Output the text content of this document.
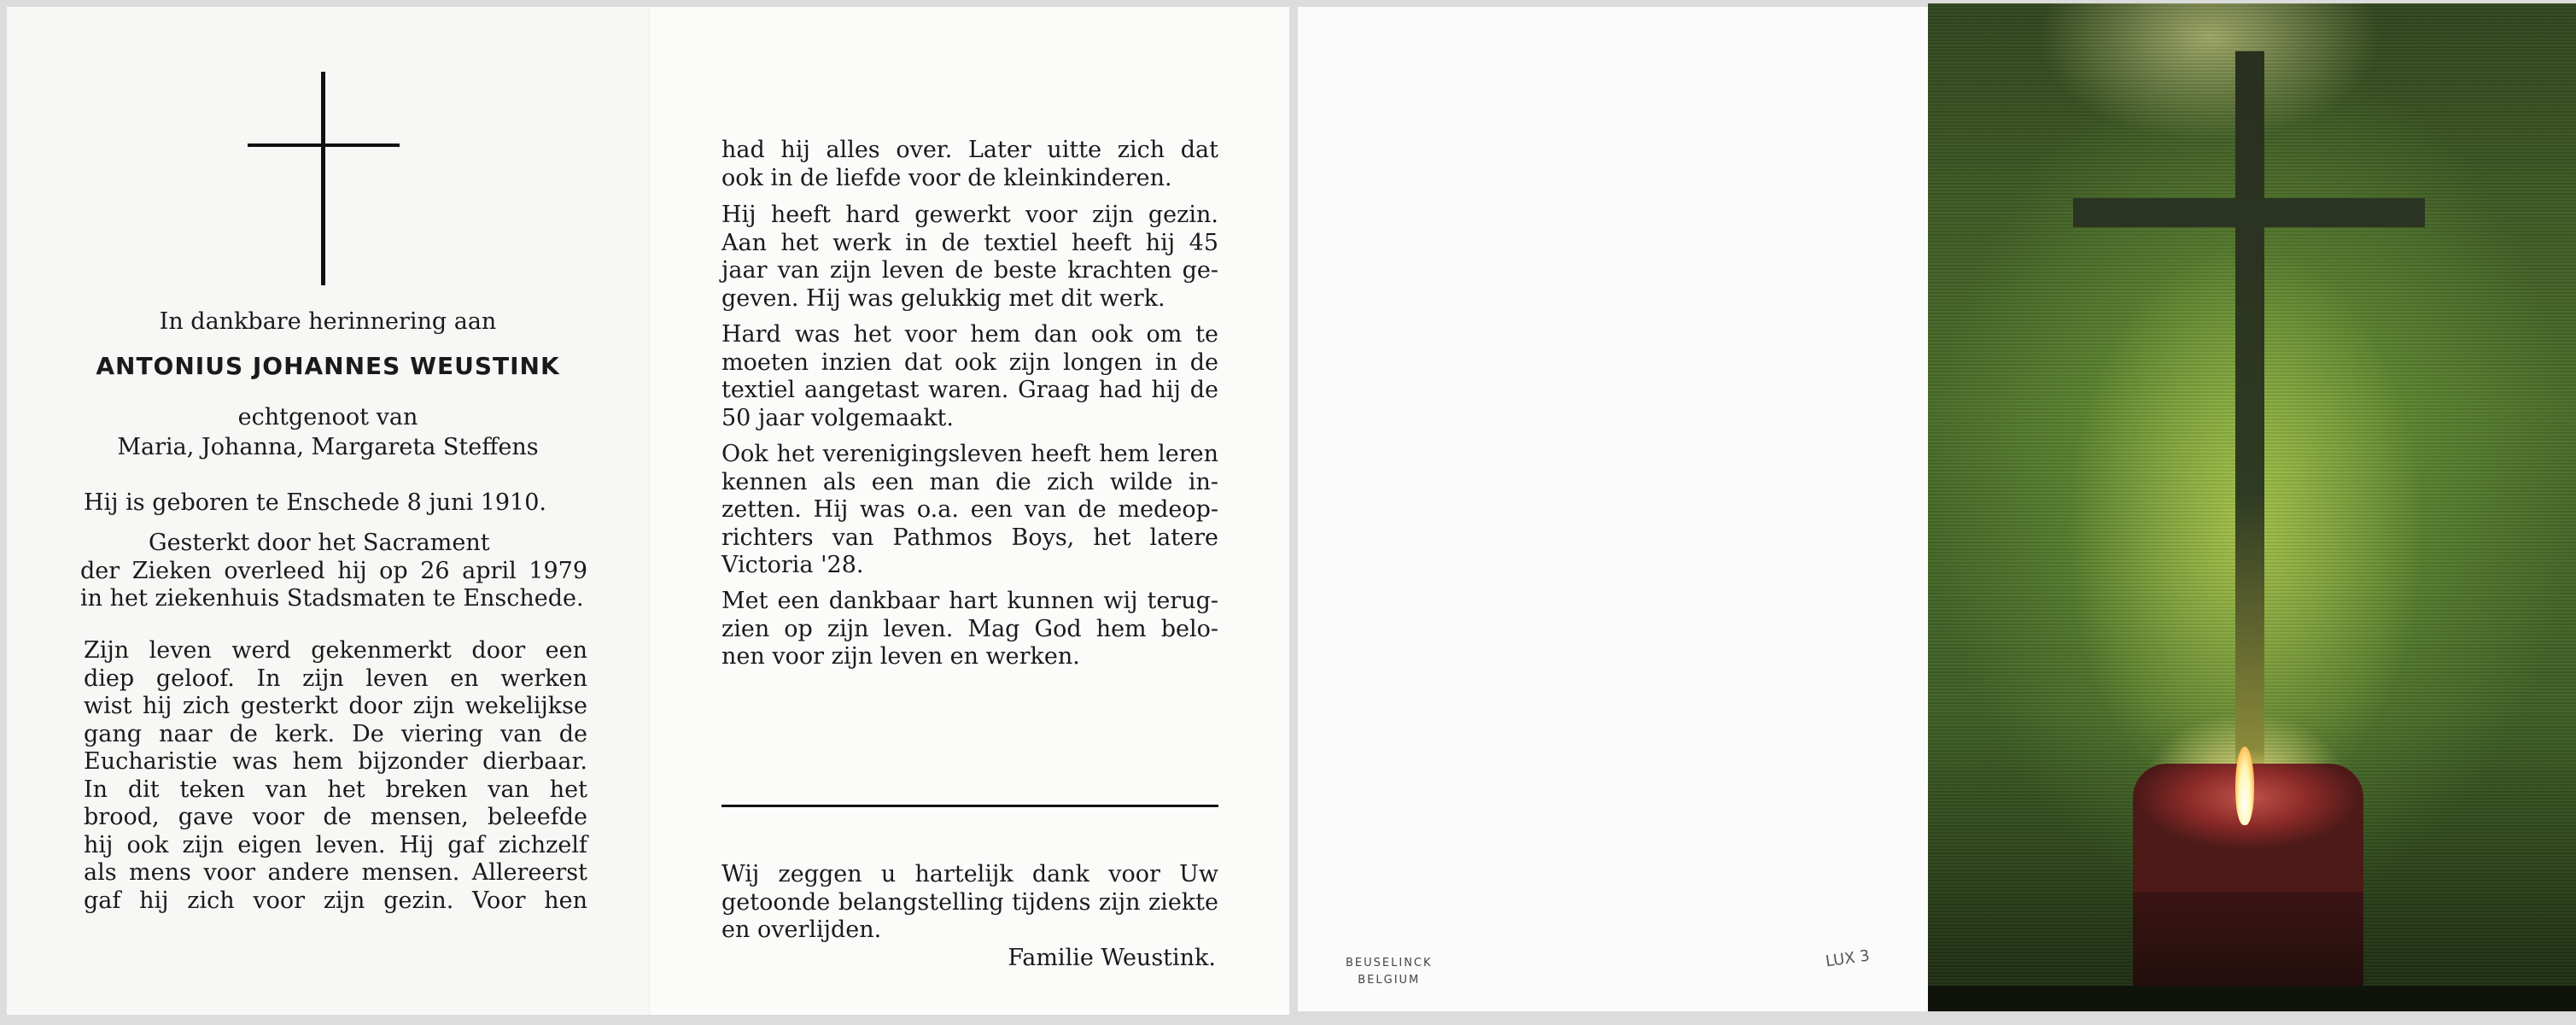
In dankbare herinnering aan
ANTONIUS JOHANNES WEUSTINK
echtgenoot van
Maria, Johanna, Margareta Steffens

Hij is geboren te Enschede 8 juni 1910.

Gesterkt door het Sacrament

der Zieken overleed hij op 26 april 1979

in het ziekenhuis Stadsmaten te Enschede.

Zijn leven werd gekenmerkt door een

diep geloof. In zijn leven en werken

wist hij zich gesterkt door zijn wekelijkse

gang naar de kerk. De viering van de

Eucharistie was hem bijzonder dierbaar.

In dit teken van het breken van het

brood, gave voor de mensen, beleefde

hij ook zijn eigen leven. Hij gaf zichzelf

als mens voor andere mensen. Allereerst

gaf hij zich voor zijn gezin. Voor hen

had hij alles over. Later uitte zich dat

ook in de liefde voor de kleinkinderen.

Hij heeft hard gewerkt voor zijn gezin.

Aan het werk in de textiel heeft hij 45

jaar van zijn leven de beste krachten ge-

geven. Hij was gelukkig met dit werk.

Hard was het voor hem dan ook om te

moeten inzien dat ook zijn longen in de

textiel aangetast waren. Graag had hij de

50 jaar volgemaakt.

Ook het verenigingsleven heeft hem leren

kennen als een man die zich wilde in-

zetten. Hij was o.a. een van de medeop-

richters van Pathmos Boys, het latere

Victoria '28.

Met een dankbaar hart kunnen wij terug-

zien op zijn leven. Mag God hem belo-

nen voor zijn leven en werken.

Wij zeggen u hartelijk dank voor Uw

getoonde belangstelling tijdens zijn ziekte

en overlijden.

Familie Weustink.	BEUSELINCK
BELGIUM
LUX 3
